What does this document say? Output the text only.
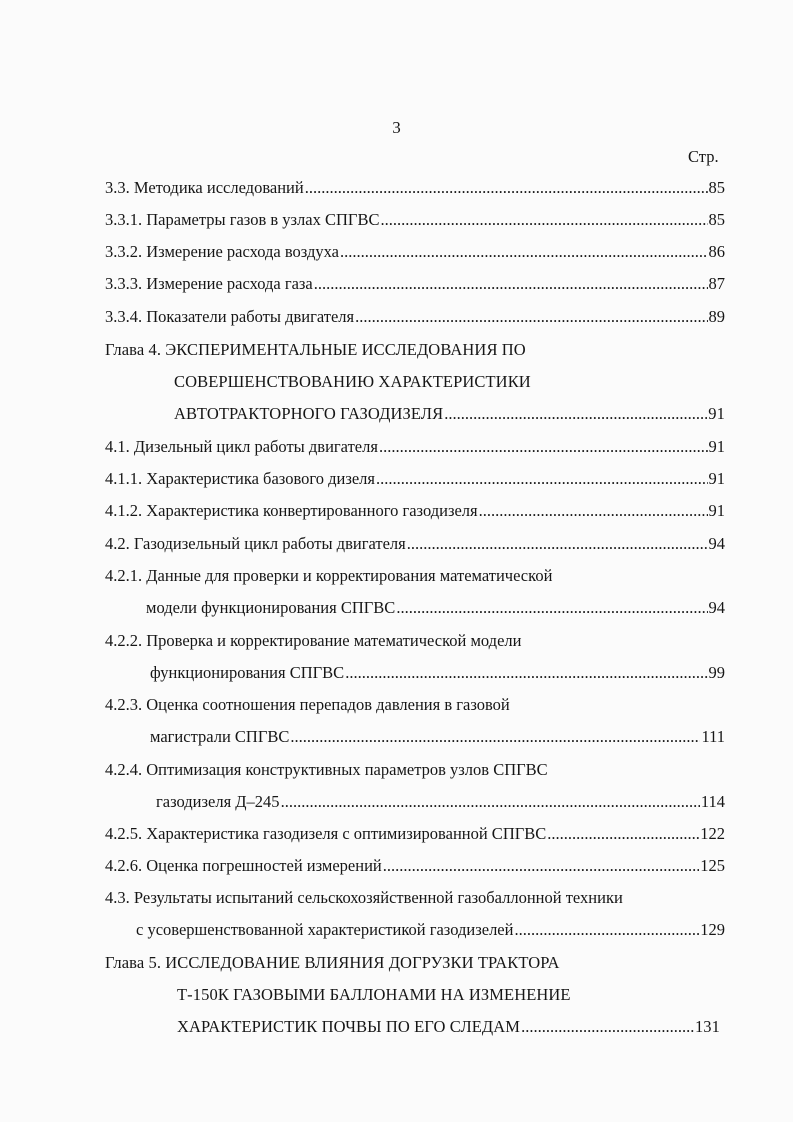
3
Стр.
3.3. Методика исследований .....	85
3.3.1. Параметры газов в узлах СПГВС .....	85
3.3.2. Измерение расхода воздуха .....	86
3.3.3. Измерение расхода газа .....	87
3.3.4. Показатели работы двигателя .....	89
Глава 4. ЭКСПЕРИМЕНТАЛЬНЫЕ ИССЛЕДОВАНИЯ ПО
СОВЕРШЕНСТВОВАНИЮ ХАРАКТЕРИСТИКИ
АВТОТРАКТОРНОГО ГАЗОДИЗЕЛЯ .....	91
4.1. Дизельный цикл работы двигателя .....	91
4.1.1. Характеристика базового дизеля .....	91
4.1.2. Характеристика конвертированного газодизеля .....	91
4.2. Газодизельный цикл работы двигателя .....	94
4.2.1. Данные для проверки и корректирования математической
модели функционирования СПГВС .....	94
4.2.2. Проверка и корректирование математической модели
функционирования СПГВС .....	99
4.2.3. Оценка соотношения перепадов давления в газовой
магистрали СПГВС .....	111
4.2.4. Оптимизация конструктивных параметров узлов СПГВС
газодизеля Д–245 .....	114
4.2.5. Характеристика газодизеля с оптимизированной СПГВС .....	122
4.2.6. Оценка погрешностей измерений .....	125
4.3. Результаты испытаний сельскохозяйственной газобаллонной техники
с усовершенствованной характеристикой газодизелей .....	129
Глава 5. ИССЛЕДОВАНИЕ ВЛИЯНИЯ ДОГРУЗКИ ТРАКТОРА
Т-150К ГАЗОВЫМИ БАЛЛОНАМИ НА ИЗМЕНЕНИЕ
ХАРАКТЕРИСТИК ПОЧВЫ ПО ЕГО СЛЕДАМ .....	131
